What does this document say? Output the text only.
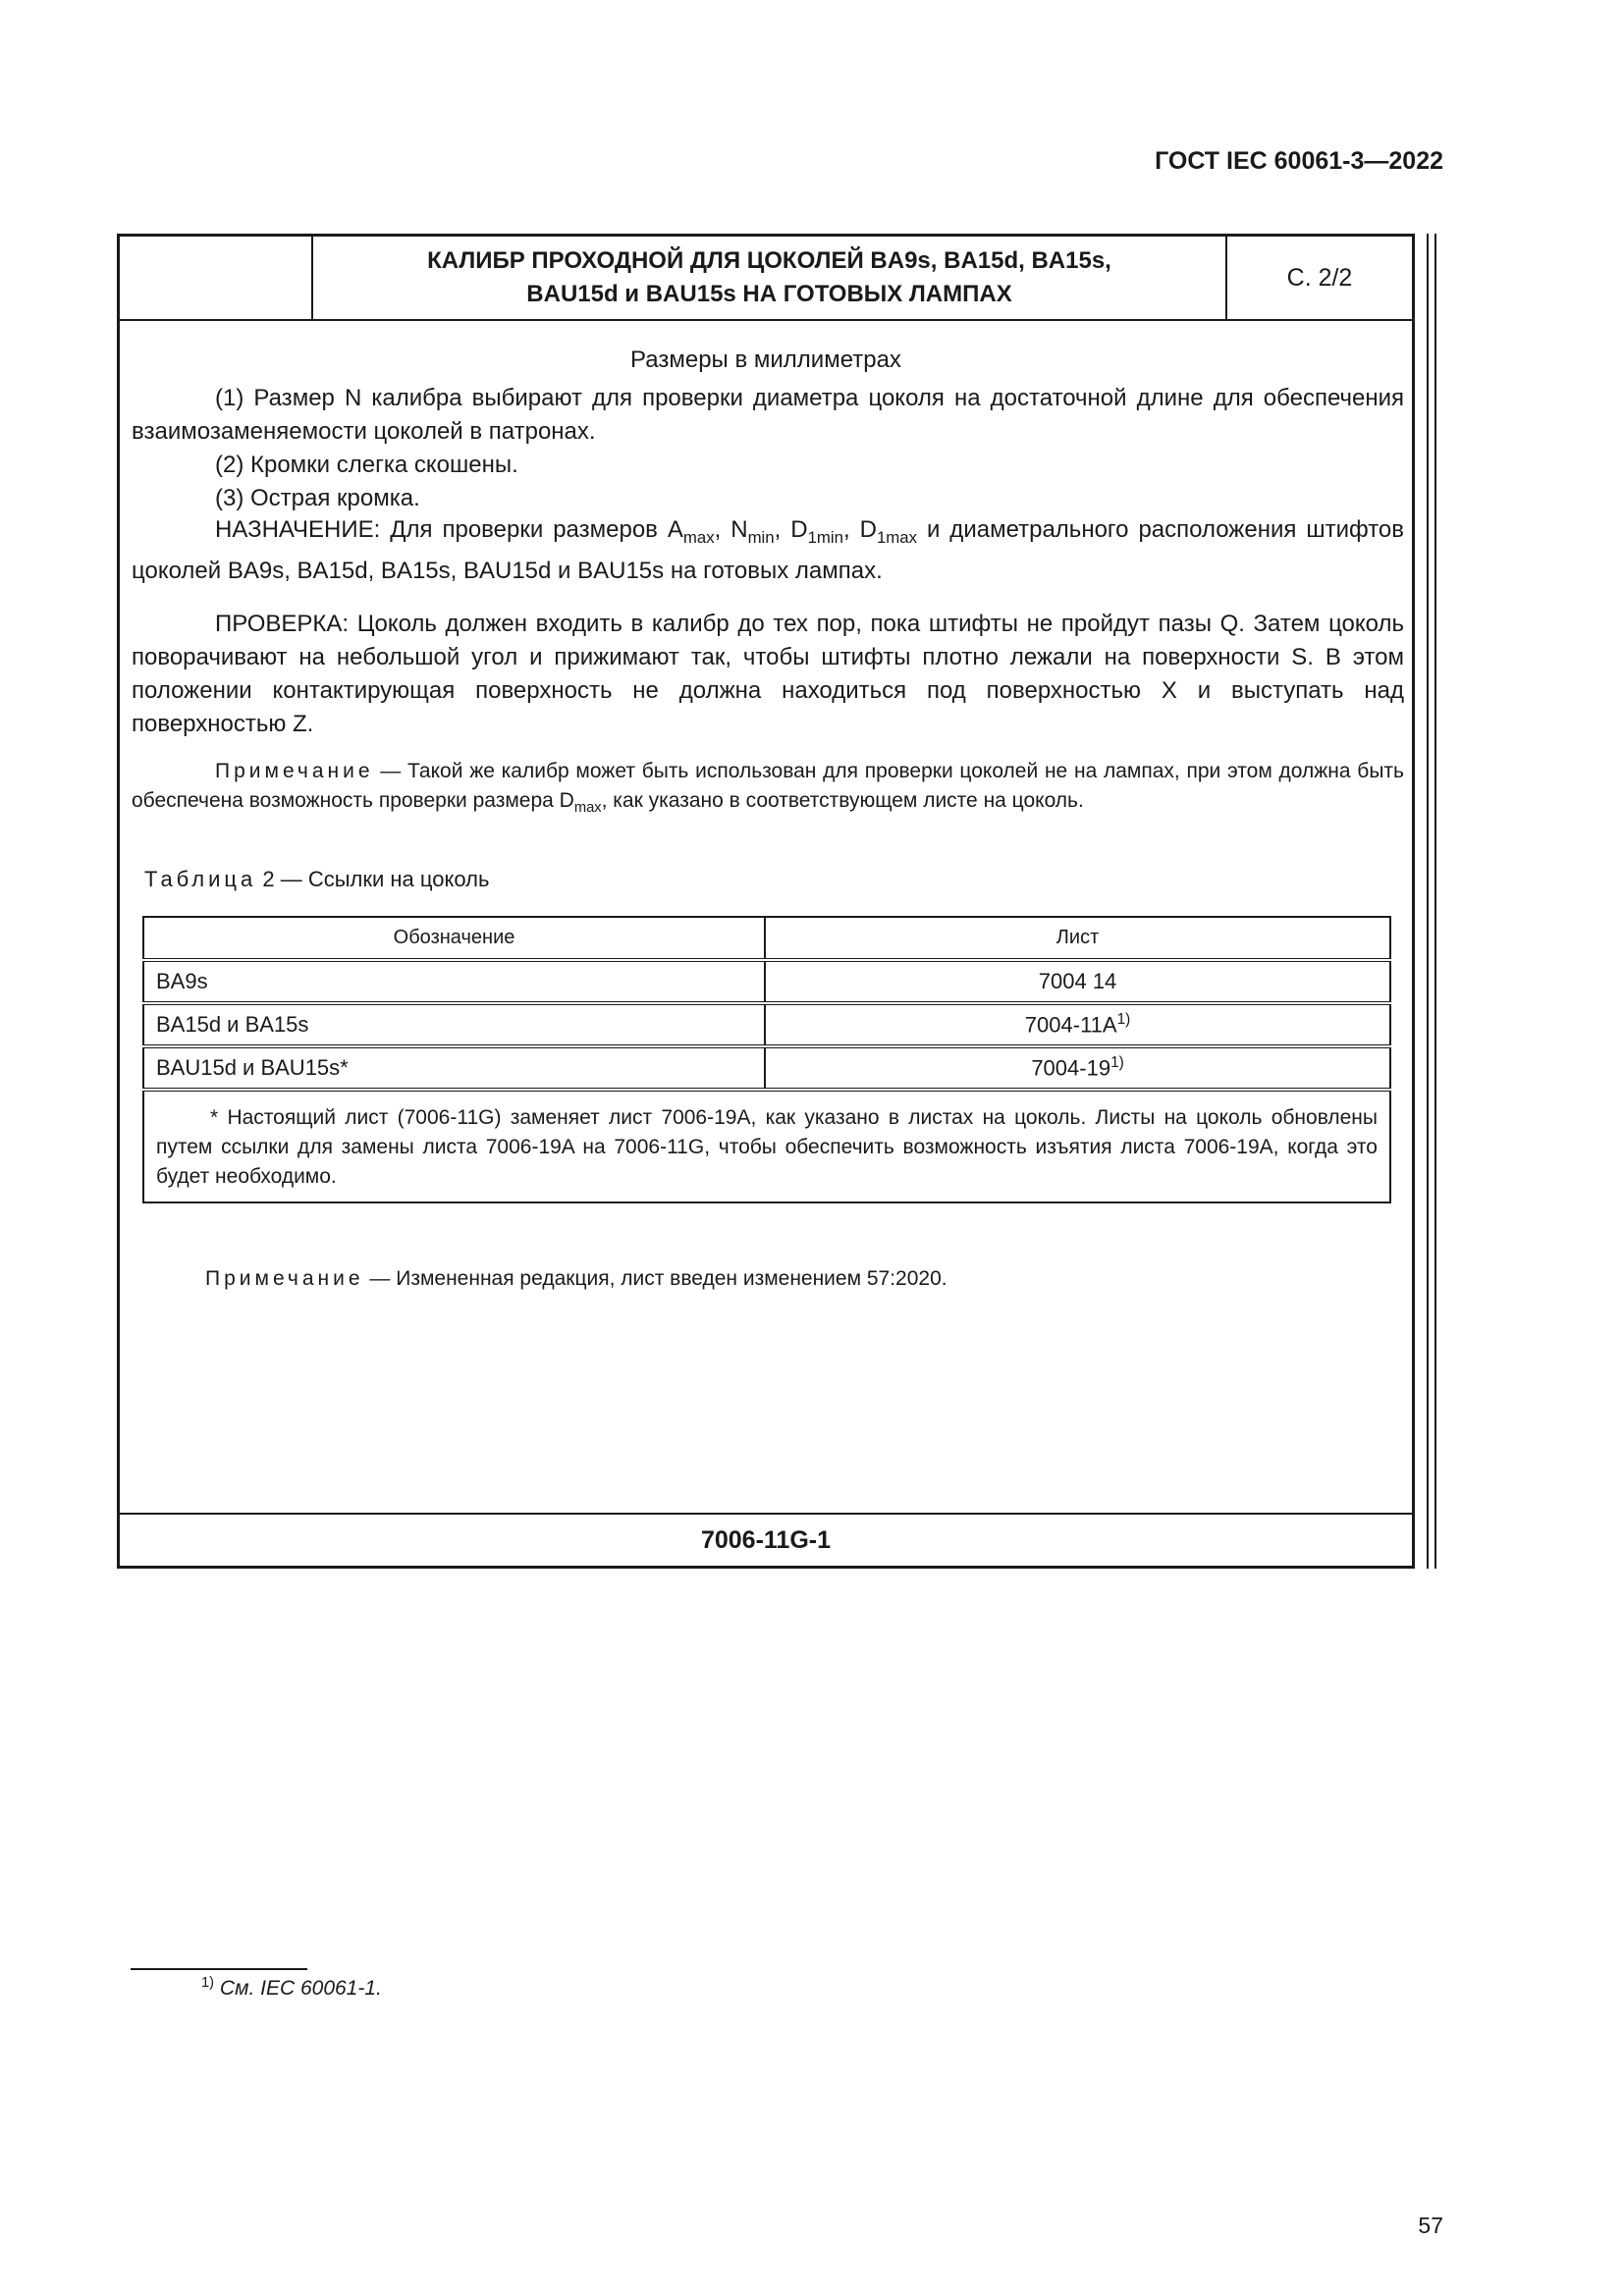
ГОСТ IEC 60061-3—2022
КАЛИБР ПРОХОДНОЙ ДЛЯ ЦОКОЛЕЙ BA9s, BA15d, BA15s,
BAU15d и BAU15s НА ГОТОВЫХ ЛАМПАХ
С. 2/2
Размеры в миллиметрах
(1) Размер N калибра выбирают для проверки диаметра цоколя на достаточной длине для обеспечения взаимозаменяемости цоколей в патронах.
(2) Кромки слегка скошены.
(3) Острая кромка.
НАЗНАЧЕНИЕ: Для проверки размеров $A_{max}$, $N_{min}$, $D_{1min}$, $D_{1max}$ и диаметрального расположения штифтов цоколей BA9s, BA15d, BA15s, BAU15d и BAU15s на готовых лампах.
ПРОВЕРКА: Цоколь должен входить в калибр до тех пор, пока штифты не пройдут пазы Q. Затем цоколь поворачивают на небольшой угол и прижимают так, чтобы штифты плотно лежали на поверхности S. В этом положении контактирующая поверхность не должна находиться под поверхностью X и выступать над поверхностью Z.
Примечание — Такой же калибр может быть использован для проверки цоколей не на лампах, при этом должна быть обеспечена возможность проверки размера $D_{max}$, как указано в соответствующем листе на цоколь.
Таблица 2 — Ссылки на цоколь
Обозначение	Лист
BA9s	7004 14
BA15d и BA15s	$7004-11A^{1)}$
BAU15d и BAU15s*	7004-19$^{1)}$
* Настоящий лист (7006-11G) заменяет лист 7006-19A, как указано в листах на цоколь. Листы на цоколь обновлены путем ссылки для замены листа 7006-19A на 7006-11G, чтобы обеспечить возможность изъятия листа 7006-19A, когда это будет необходимо.	
Примечание — Измененная редакция, лист введен изменением 57:2020.
7006-11G-1
$^{1)}$ См. IEC 60061-1.
57
